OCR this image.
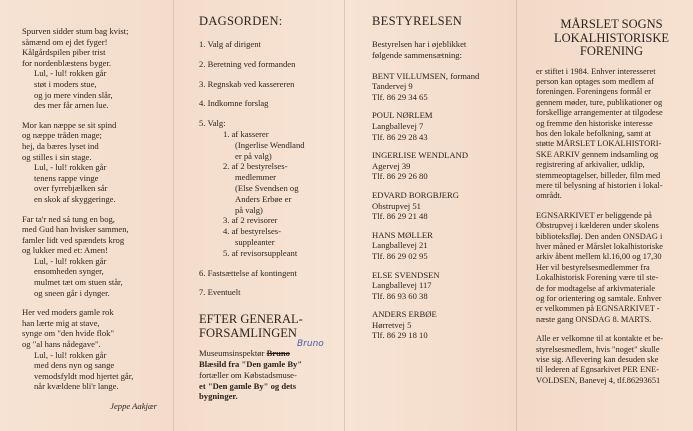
Spurven sidder stum bag kvist;
såmænd om ej det fyger!
Kålgårdspilen piber trist
for nordenblæstens byger.
Lul, - lul! rokken går
støt i moders stue,
og jo mere vinden slår,
des mer får arnen lue.
Mor kan næppe se sit spind
og næppe tråden mage;
hej, da bæres lyset ind
og stilles i sin stage.
Lul, - lul! rokken går
tenens rappe vinge
over fyrrebjælken sår
en skok af skyggeringe.
Far ta'r ned sá tung en bog,
med Gud han hvisker sammen,
famler lidt ved spændets krog
og lukker med et: Amen!
Lul, - lul! rokken går
ensomheden synger,
mulmet tæt om stuen står,
og sneen går i dynger.
Her ved moders gamle rok
han lærte mig at stave,
synge om "den hvide flok"
og "al hans nådegave".
Lul, - lul! rokken går
med dens nyn og sange
vemodsfyldt mod hjertet går,
når kvældene bli'r lange.
Jeppe Aakjær
DAGSORDEN:
1. Valg af dirigent
2. Beretning ved formanden
3. Regnskab ved kassereren
4. Indkomne forslag
5. Valg:
1. af kasserer
(Ingerlise Wendland
er på valg)
2. af 2 bestyrelses-
medlemmer
(Else Svendsen og
Anders Erbøe er
på valg)
3. af 2 revisorer
4. af bestyrelses-
suppleanter
5. af revisorsuppleant
6. Fastsættelse af kontingent
7. Eventuelt
EFTER GENERAL-
FORSAMLINGEN
Museumsinspektør Bruno
Bruno
Blæsild fra "Den gamle By"
fortæller om Købstadsmuse-
et "Den gamle By" og dets
bygninger.
BESTYRELSEN
Bestyrelsen har i øjeblikket
følgende sammensætning:
BENT VILLUMSEN, formand
Tandervej 9
Tlf. 86 29 34 65
POUL NØRLEM
Langballevej 7
Tlf. 86 29 28 43
INGERLISE WENDLAND
Agervej 39
Tlf. 86 29 26 80
EDVARD BORGBJERG
Obstrupvej 51
Tlf. 86 29 21 48
HANS MØLLER
Langballevej 21
Tlf. 86 29 02 95
ELSE SVENDSEN
Langballevej 117
Tlf. 86 93 60 38
ANDERS ERBØE
Hørretvej 5
Tlf. 86 29 18 10
MÅRSLET SOGNS
LOKALHISTORISKE
FORENING
er stiftet i 1984. Enhver interesseret
person kan optages som medlem af
foreningen. Foreningens formål er
gennem møder, ture, publikationer og
forskellige arrangementer at tilgodese
og fremme den historiske interesse
hos den lokale befolkning, samt at
støtte MÅRSLET LOKALHISTORI-
SKE ARKIV gennem indsamling og
registrering af arkivalier, udklip,
stemmeoptagelser, billeder, film med
mere til belysning af historien i lokal-
områdt.
EGNSARKIVET er beliggende på
Obstrupvej i kælderen under skolens
biblioteksfløj. Den anden ONSDAG i
hver måned er Mårslet lokalhistoriske
arkiv åbent mellem kl.16,00 og 17,30
Her vil bestyrelsesmedlemmer fra
Lokalhistorisk Forening være til ste-
de for modtagelse af arkivmateriale
og for orientering og samtale. Enhver
er velkommen på EGNSARKIVET -
næste gang ONSDAG 8. MARTS.
Alle er velkomne til at kontakte et be-
styrelsesmedlem, hvis "noget" skulle
vise sig. Aflevering kan desuden ske
til lederen af Egnsarkivet PER ENE-
VOLDSEN, Banevej 4, tlf.86293651
